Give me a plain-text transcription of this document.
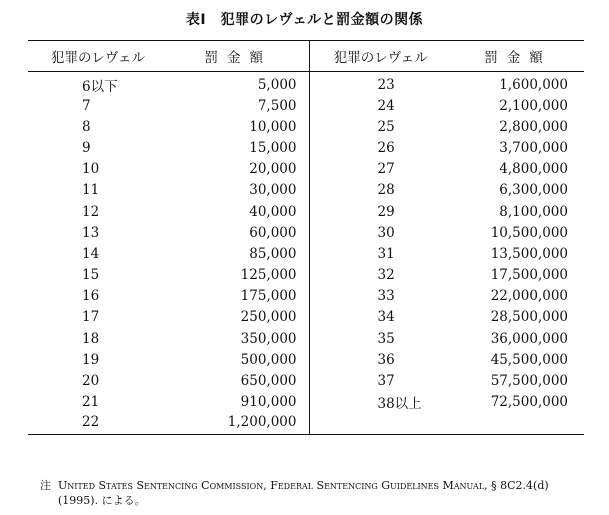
表Ⅰ　犯罪のレヴェルと罰金額の関係
犯罪のレヴェル	罰金額	犯罪のレヴェル	罰金額
6以下	5,000	23	1,600,000
7	7,500	24	2,100,000
8	10,000	25	2,800,000
9	15,000	26	3,700,000
10	20,000	27	4,800,000
11	30,000	28	6,300,000
12	40,000	29	8,100,000
13	60,000	30	10,500,000
14	85,000	31	13,500,000
15	125,000	32	17,500,000
16	175,000	33	22,000,000
17	250,000	34	28,500,000
18	350,000	35	36,000,000
19	500,000	36	45,500,000
20	650,000	37	57,500,000
21	910,000	38以上	72,500,000
22	1,200,000		
注 United States Sentencing Commission, Federal Sentencing Guidelines Manual, § 8C2.4(d)
(1995). による。
